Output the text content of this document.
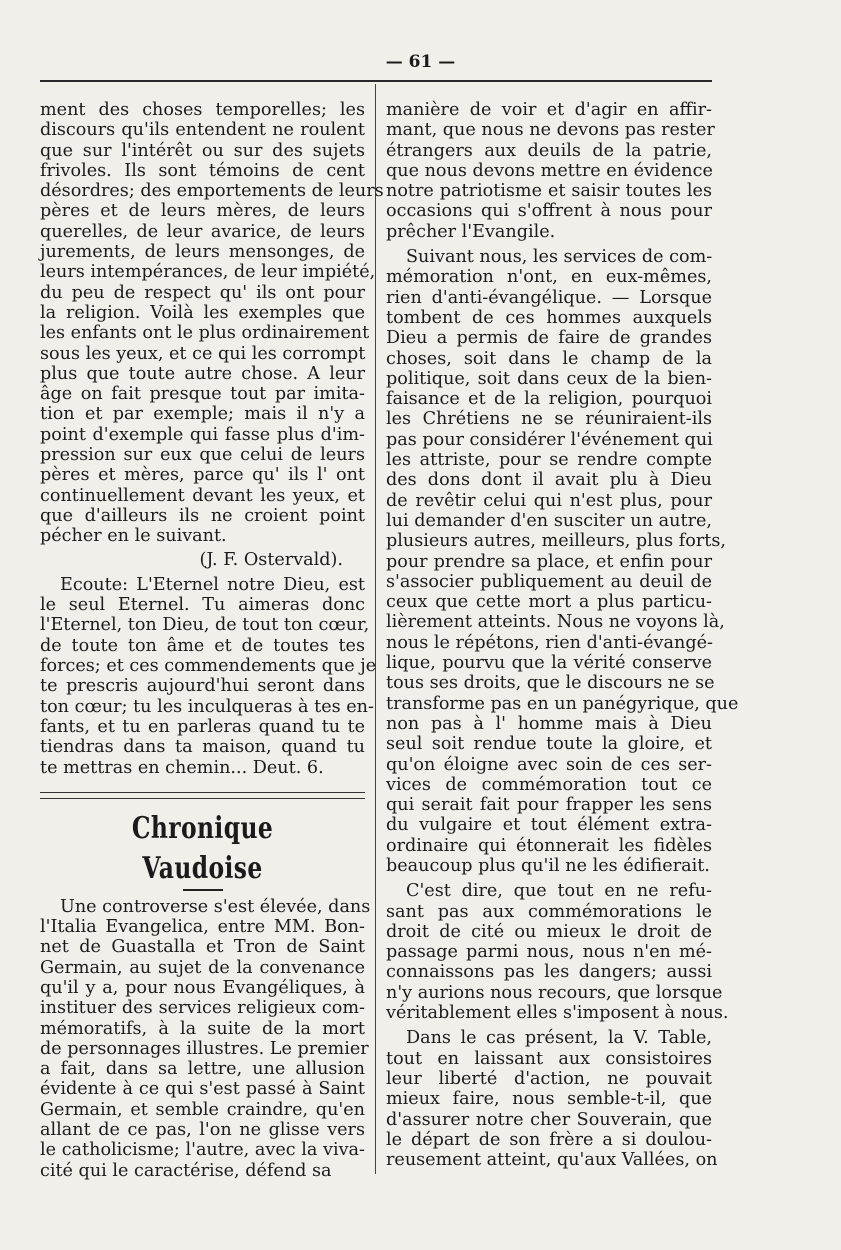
— 61 —

ment des choses temporelles; les

discours qu'ils entendent ne roulent

que sur l'intérêt ou sur des sujets

frivoles. Ils sont témoins de cent

désordres; des emportements de leurs

pères et de leurs mères, de leurs

querelles, de leur avarice, de leurs

jurements, de leurs mensonges, de

leurs intempérances, de leur impiété,

du peu de respect qu' ils ont pour

la religion. Voilà les exemples que

les enfants ont le plus ordinairement

sous les yeux, et ce qui les corrompt

plus que toute autre chose. A leur

âge on fait presque tout par imita-

tion et par exemple; mais il n'y a

point d'exemple qui fasse plus d'im-

pression sur eux que celui de leurs

pères et mères, parce qu' ils l' ont

continuellement devant les yeux, et

que d'ailleurs ils ne croient point

pécher en le suivant.

(J. F. Ostervald).

Ecoute: L'Eternel notre Dieu, est

le seul Eternel. Tu aimeras donc

l'Eternel, ton Dieu, de tout ton cœur,

de toute ton âme et de toutes tes

forces; et ces commendements que je

te prescris aujourd'hui seront dans

ton cœur; tu les inculqueras à tes en-

fants, et tu en parleras quand tu te

tiendras dans ta maison, quand tu

te mettras en chemin... Deut. 6.

Chronique Vaudoise

Une controverse s'est élevée, dans

l'Italia Evangelica, entre MM. Bon-

net de Guastalla et Tron de Saint

Germain, au sujet de la convenance

qu'il y a, pour nous Evangéliques, à

instituer des services religieux com-

mémoratifs, à la suite de la mort

de personnages illustres. Le premier

a fait, dans sa lettre, une allusion

évidente à ce qui s'est passé à Saint

Germain, et semble craindre, qu'en

allant de ce pas, l'on ne glisse vers

le catholicisme; l'autre, avec la viva-

cité qui le caractérise, défend sa

manière de voir et d'agir en affir-

mant, que nous ne devons pas rester

étrangers aux deuils de la patrie,

que nous devons mettre en évidence

notre patriotisme et saisir toutes les

occasions qui s'offrent à nous pour

prêcher l'Evangile.

Suivant nous, les services de com-

mémoration n'ont, en eux-mêmes,

rien d'anti-évangélique. — Lorsque

tombent de ces hommes auxquels

Dieu a permis de faire de grandes

choses, soit dans le champ de la

politique, soit dans ceux de la bien-

faisance et de la religion, pourquoi

les Chrétiens ne se réuniraient-ils

pas pour considérer l'événement qui

les attriste, pour se rendre compte

des dons dont il avait plu à Dieu

de revêtir celui qui n'est plus, pour

lui demander d'en susciter un autre,

plusieurs autres, meilleurs, plus forts,

pour prendre sa place, et enfin pour

s'associer publiquement au deuil de

ceux que cette mort a plus particu-

lièrement atteints. Nous ne voyons là,

nous le répétons, rien d'anti-évangé-

lique, pourvu que la vérité conserve

tous ses droits, que le discours ne se

transforme pas en un panégyrique, que

non pas à l' homme mais à Dieu

seul soit rendue toute la gloire, et

qu'on éloigne avec soin de ces ser-

vices de commémoration tout ce

qui serait fait pour frapper les sens

du vulgaire et tout élément extra-

ordinaire qui étonnerait les fidèles

beaucoup plus qu'il ne les édifierait.

C'est dire, que tout en ne refu-

sant pas aux commémorations le

droit de cité ou mieux le droit de

passage parmi nous, nous n'en mé-

connaissons pas les dangers; aussi

n'y aurions nous recours, que lorsque

véritablement elles s'imposent à nous.

Dans le cas présent, la V. Table,

tout en laissant aux consistoires

leur liberté d'action, ne pouvait

mieux faire, nous semble-t-il, que

d'assurer notre cher Souverain, que

le départ de son frère a si doulou-

reusement atteint, qu'aux Vallées, on
